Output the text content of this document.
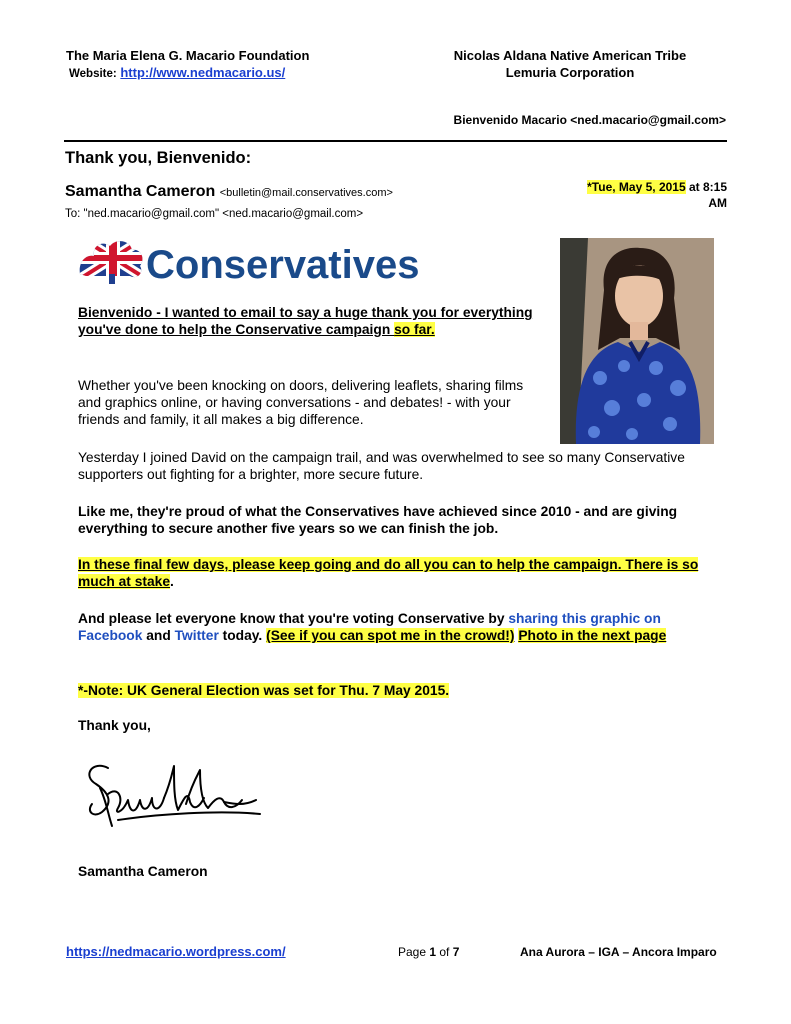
The Maria Elena G. Macario Foundation
Website: http://www.nedmacario.us/
Nicolas Aldana Native American Tribe
Lemuria Corporation
Bienvenido Macario <ned.macario@gmail.com>
Thank you, Bienvenido:
Samantha Cameron <bulletin@mail.conservatives.com>
To: "ned.macario@gmail.com" <ned.macario@gmail.com>
*Tue, May 5, 2015 at 8:15
AM
Conservatives
Bienvenido - I wanted to email to say a huge thank you for everything you've done to help the Conservative campaign so far.
Whether you've been knocking on doors, delivering leaflets, sharing films and graphics online, or having conversations - and debates! - with your friends and family, it all makes a big difference.
Yesterday I joined David on the campaign trail, and was overwhelmed to see so many Conservative supporters out fighting for a brighter, more secure future.
Like me, they're proud of what the Conservatives have achieved since 2010 - and are giving everything to secure another five years so we can finish the job.
In these final few days, please keep going and do all you can to help the campaign. There is so much at stake.
And please let everyone know that you're voting Conservative by sharing this graphic on Facebook and Twitter today. (See if you can spot me in the crowd!) Photo in the next page
*-Note: UK General Election was set for Thu. 7 May 2015.
Thank you,
Samantha Cameron
https://nedmacario.wordpress.com/	Page 1 of 7	Ana Aurora – IGA – Ancora Imparo
